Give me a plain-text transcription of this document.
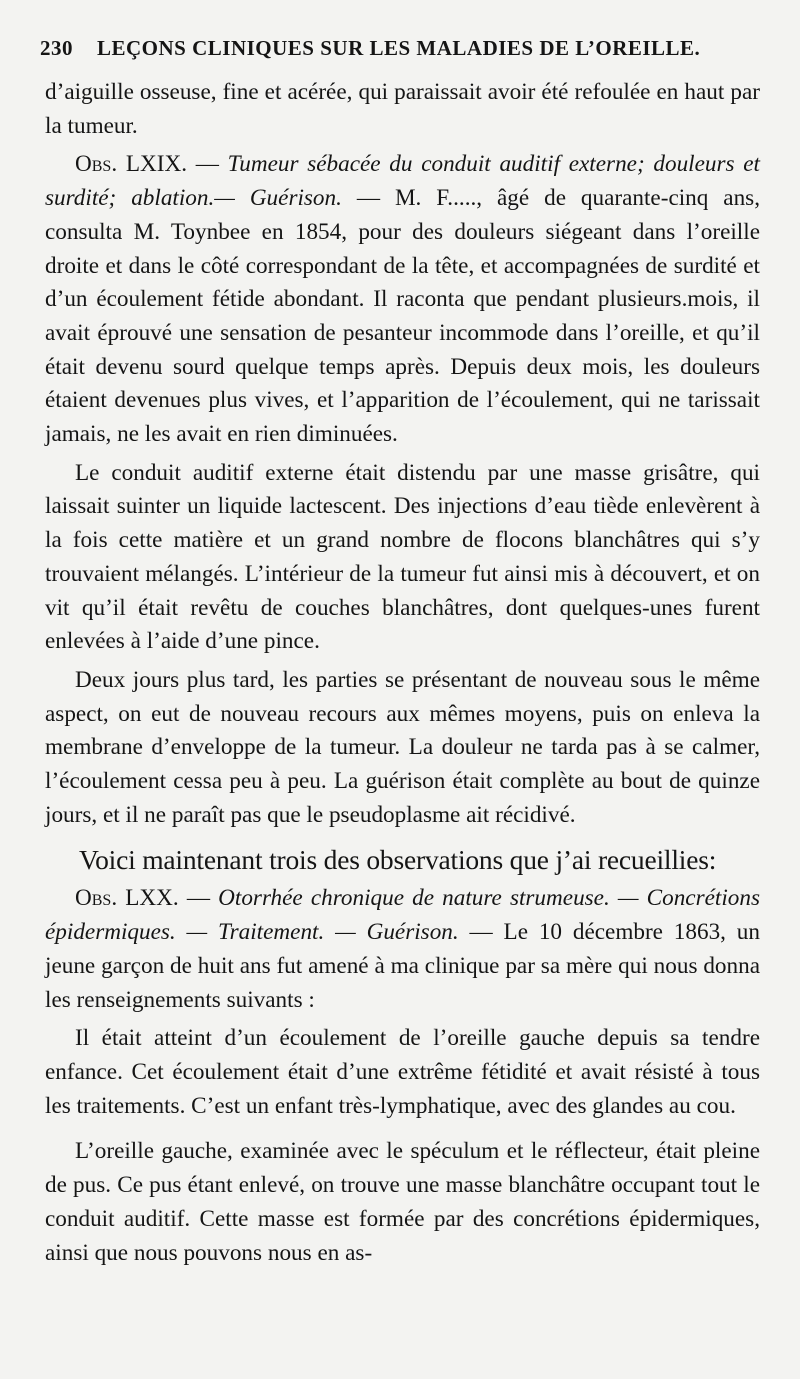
230 LEÇONS CLINIQUES SUR LES MALADIES DE L’OREILLE.

d’aiguille osseuse, fine et acérée, qui paraissait avoir été refoulée en haut par la tumeur.

Obs. LXIX. — Tumeur sébacée du conduit auditif externe; douleurs et surdité; ablation.— Guérison. — M. F....., âgé de quarante-cinq ans, consulta M. Toynbee en 1854, pour des douleurs siégeant dans l’oreille droite et dans le côté correspondant de la tête, et accompagnées de surdité et d’un écoulement fétide abondant. Il raconta que pendant plusieurs.mois, il avait éprouvé une sensation de pesanteur incommode dans l’oreille, et qu’il était devenu sourd quelque temps après. Depuis deux mois, les douleurs étaient devenues plus vives, et l’apparition de l’écoulement, qui ne tarissait jamais, ne les avait en rien diminuées.

Le conduit auditif externe était distendu par une masse grisâtre, qui laissait suinter un liquide lactescent. Des injections d’eau tiède enlevèrent à la fois cette matière et un grand nombre de flocons blanchâtres qui s’y trouvaient mélangés. L’intérieur de la tumeur fut ainsi mis à découvert, et on vit qu’il était revêtu de couches blanchâtres, dont quelques-unes furent enlevées à l’aide d’une pince.

Deux jours plus tard, les parties se présentant de nouveau sous le même aspect, on eut de nouveau recours aux mêmes moyens, puis on enleva la membrane d’enveloppe de la tumeur. La douleur ne tarda pas à se calmer, l’écoulement cessa peu à peu. La guérison était complète au bout de quinze jours, et il ne paraît pas que le pseudoplasme ait récidivé.

Voici maintenant trois des observations que j’ai recueillies:

Obs. LXX. — Otorrhée chronique de nature strumeuse. — Concrétions épidermiques. — Traitement. — Guérison. — Le 10 décembre 1863, un jeune garçon de huit ans fut amené à ma clinique par sa mère qui nous donna les renseignements suivants :

Il était atteint d’un écoulement de l’oreille gauche depuis sa tendre enfance. Cet écoulement était d’une extrême fétidité et avait résisté à tous les traitements. C’est un enfant très-lymphatique, avec des glandes au cou.

L’oreille gauche, examinée avec le spéculum et le réflecteur, était pleine de pus. Ce pus étant enlevé, on trouve une masse blanchâtre occupant tout le conduit auditif. Cette masse est formée par des concrétions épidermiques, ainsi que nous pouvons nous en as-
